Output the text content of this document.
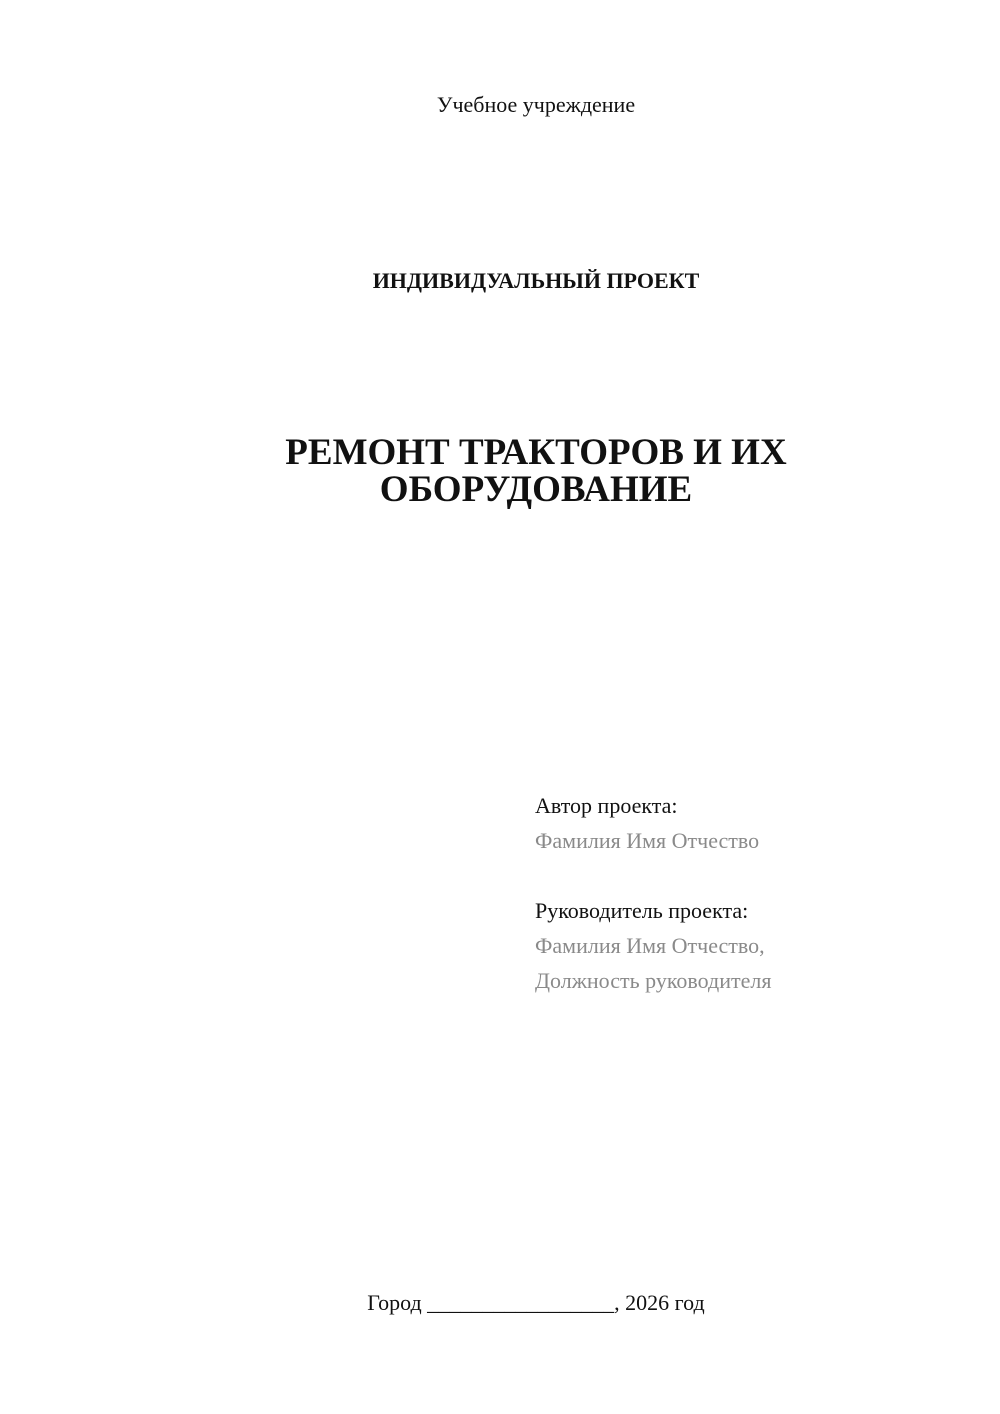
Учебное учреждение
ИНДИВИДУАЛЬНЫЙ ПРОЕКТ
РЕМОНТ ТРАКТОРОВ И ИХ
ОБОРУДОВАНИЕ
Автор проекта:
Фамилия Имя Отчество
Руководитель проекта:
Фамилия Имя Отчество,
Должность руководителя
Город _________________, 2026 год
